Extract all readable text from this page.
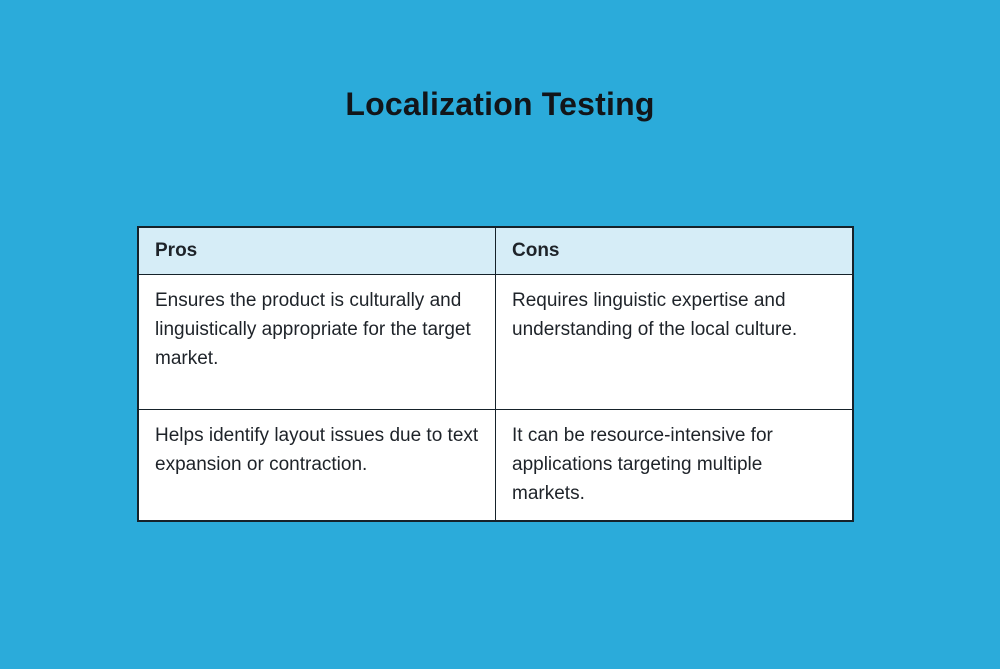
Localization Testing
Pros	Cons
Ensures the product is culturally and linguistically appropriate for the target market.	Requires linguistic expertise and understanding of the local culture.
Helps identify layout issues due to text expansion or contraction.	It can be resource-intensive for applications targeting multiple markets.
